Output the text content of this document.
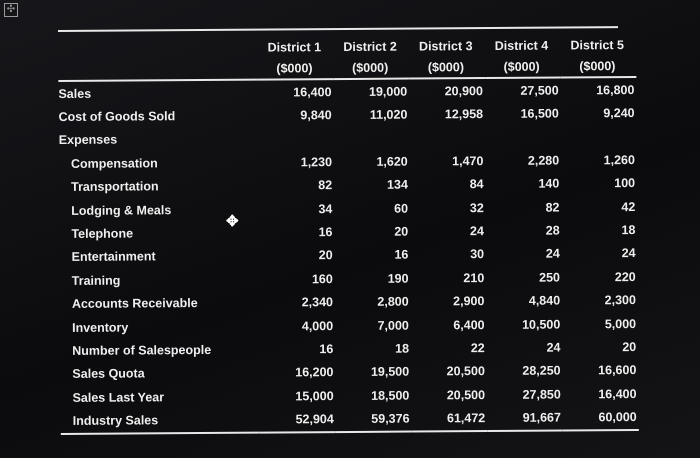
✣
	District 1	District 2	District 3	District 4	District 5
	($000)	($000)	($000)	($000)	($000)
Sales	16,400	19,000	20,900	27,500	16,800
Cost of Goods Sold	9,840	11,020	12,958	16,500	9,240
Expenses					
Compensation	1,230	1,620	1,470	2,280	1,260
Transportation	82	134	84	140	100
Lodging & Meals	34	60	32	82	42
Telephone	16	20	24	28	18
Entertainment	20	16	30	24	24
Training	160	190	210	250	220
Accounts Receivable	2,340	2,800	2,900	4,840	2,300
Inventory	4,000	7,000	6,400	10,500	5,000
Number of Salespeople	16	18	22	24	20
Sales Quota	16,200	19,500	20,500	28,250	16,600
Sales Last Year	15,000	18,500	20,500	27,850	16,400
Industry Sales	52,904	59,376	61,472	91,667	60,000
✥
